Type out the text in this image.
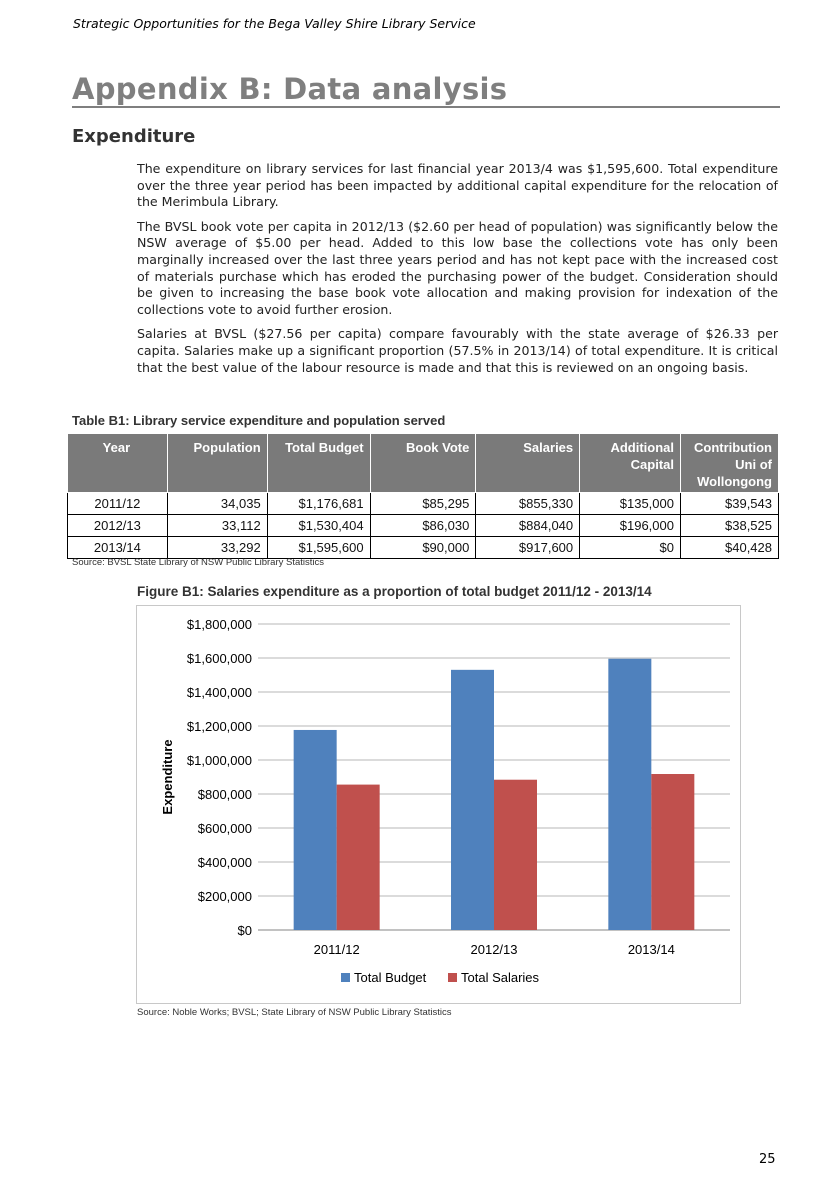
Strategic Opportunities for the Bega Valley Shire Library Service
Appendix B: Data analysis
Expenditure

The expenditure on library services for last financial year 2013/4 was $1,595,600. Total expenditure over the three year period has been impacted by additional capital expenditure for the relocation of the Merimbula Library.

The BVSL book vote per capita in 2012/13 ($2.60 per head of population) was significantly below the NSW average of $5.00 per head. Added to this low base the collections vote has only been marginally increased over the last three years period and has not kept pace with the increased cost of materials purchase which has eroded the purchasing power of the budget. Consideration should be given to increasing the base book vote allocation and making provision for indexation of the collections vote to avoid further erosion.

Salaries at BVSL ($27.56 per capita) compare favourably with the state average of $26.33 per capita. Salaries make up a significant proportion (57.5% in 2013/14) of total expenditure. It is critical that the best value of the labour resource is made and that this is reviewed on an ongoing basis.

Table B1: Library service expenditure and population served
Year	Population	Total Budget	Book Vote	Salaries	Additional Capital	Contribution Uni of Wollongong
2011/12	34,035	$1,176,681	$85,295	$855,330	$135,000	$39,543
2012/13	33,112	$1,530,404	$86,030	$884,040	$196,000	$38,525
2013/14	33,292	$1,595,600	$90,000	$917,600	$0	$40,428
Source: BVSL State Library of NSW Public Library Statistics
Figure B1: Salaries expenditure as a proportion of total budget 2011/12 - 2013/14
$0
$200,000
$400,000
$600,000
$800,000
$1,000,000
$1,200,000
$1,400,000
$1,600,000
$1,800,000
Expenditure
2011/12	2012/13	2013/14
Total Budget	Total Salaries
Source: Noble Works; BVSL; State Library of NSW Public Library Statistics
25
